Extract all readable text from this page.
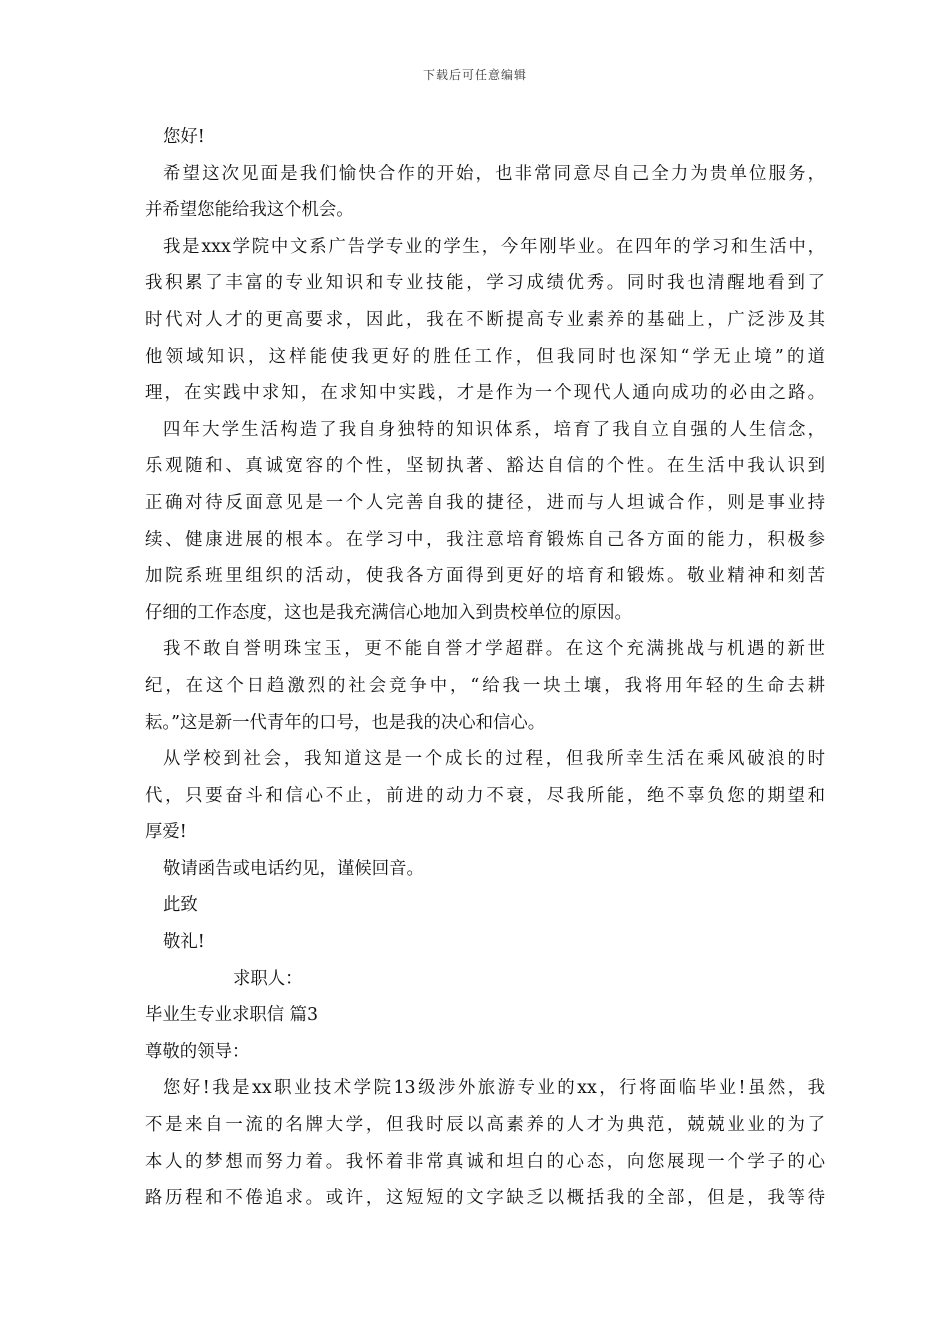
下载后可任意编辑
您好!
希望这次见面是我们愉快合作的开始，也非常同意尽自己全力为贵单位服务，
并希望您能给我这个机会。
我是xxx学院中文系广告学专业的学生，今年刚毕业。在四年的学习和生活中，
我积累了丰富的专业知识和专业技能，学习成绩优秀。同时我也清醒地看到了
时代对人才的更高要求，因此，我在不断提高专业素养的基础上，广泛涉及其
他领域知识，这样能使我更好的胜任工作，但我同时也深知“学无止境”的道
理，在实践中求知，在求知中实践，才是作为一个现代人通向成功的必由之路。
四年大学生活构造了我自身独特的知识体系，培育了我自立自强的人生信念，
乐观随和、真诚宽容的个性，坚韧执著、豁达自信的个性。在生活中我认识到
正确对待反面意见是一个人完善自我的捷径，进而与人坦诚合作，则是事业持
续、健康进展的根本。在学习中，我注意培育锻炼自己各方面的能力，积极参
加院系班里组织的活动，使我各方面得到更好的培育和锻炼。敬业精神和刻苦
仔细的工作态度，这也是我充满信心地加入到贵校单位的原因。
我不敢自誉明珠宝玉，更不能自誉才学超群。在这个充满挑战与机遇的新世
纪，在这个日趋激烈的社会竞争中，“给我一块土壤，我将用年轻的生命去耕
耘。”这是新一代青年的口号，也是我的决心和信心。
从学校到社会，我知道这是一个成长的过程，但我所幸生活在乘风破浪的时
代，只要奋斗和信心不止，前进的动力不衰，尽我所能，绝不辜负您的期望和
厚爱!
敬请函告或电话约见，谨候回音。
此致
敬礼!
求职人：
毕业生专业求职信 篇3
尊敬的领导：
您好!我是xx职业技术学院13级涉外旅游专业的xx，行将面临毕业!虽然，我
不是来自一流的名牌大学，但我时辰以高素养的人才为典范，兢兢业业的为了
本人的梦想而努力着。我怀着非常真诚和坦白的心态，向您展现一个学子的心
路历程和不倦追求。或许，这短短的文字缺乏以概括我的全部，但是，我等待
